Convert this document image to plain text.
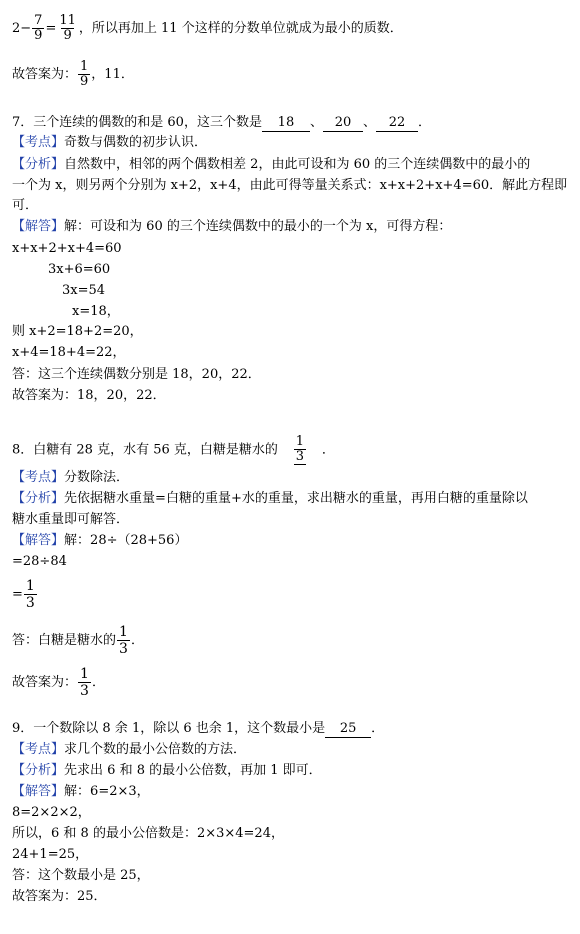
$2- \frac{7}{9} = \frac{11}{9}$ ，所以再加上 11 个这样的分数单位就成为最小的质数．
故答案为： $\frac{1}{9}$ ，11．
7．三个连续的偶数的和是 60，这三个数是 18 、 20 、 22 ．
【考点】奇数与偶数的初步认识．
【分析】自然数中，相邻的两个偶数相差 2，由此可设和为 60 的三个连续偶数中的最小的
一个为 x，则另两个分别为 x+2，x+4，由此可得等量关系式：x+x+2+x+4=60．解此方程即
可．
【解答】解：可设和为 60 的三个连续偶数中的最小的一个为 x，可得方程：
x+x+2+x+4=60
3x+6=60
3x=54
x=18，
则 x+2=18+2=20，
x+4=18+4=22，
答：这三个连续偶数分别是 18，20，22．
故答案为：18，20，22．
8．白糖有 28 克，水有 56 克，白糖是糖水的 $\frac{1}{3}$ ．
【考点】分数除法．
【分析】先依据糖水重量=白糖的重量+水的重量，求出糖水的重量，再用白糖的重量除以
糖水重量即可解答．
【解答】解：28÷（28+56）
=28÷84
= $\frac{1}{3}$
答：白糖是糖水的 $\frac{1}{3}$ ．
故答案为： $\frac{1}{3}$ ．
9．一个数除以 8 余 1，除以 6 也余 1，这个数最小是 25 ．
【考点】求几个数的最小公倍数的方法．
【分析】先求出 6 和 8 的最小公倍数，再加 1 即可．
【解答】解：6=2×3，
8=2×2×2，
所以，6 和 8 的最小公倍数是：2×3×4=24，
24+1=25，
答：这个数最小是 25，
故答案为：25．
